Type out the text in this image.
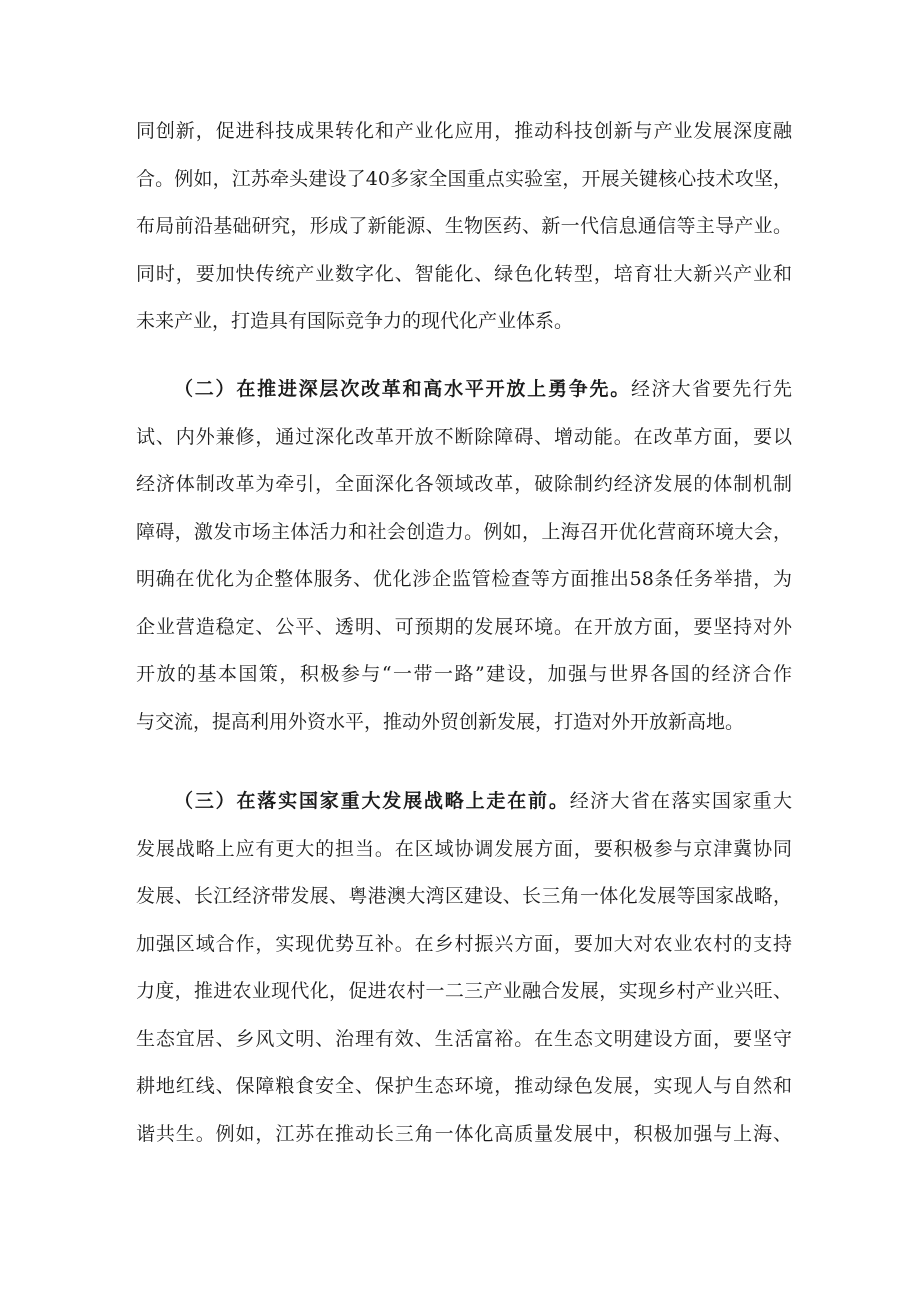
同创新，促进科技成果转化和产业化应用，推动科技创新与产业发展深度融
合。例如，江苏牵头建设了40多家全国重点实验室，开展关键核心技术攻坚，
布局前沿基础研究，形成了新能源、生物医药、新一代信息通信等主导产业。
同时，要加快传统产业数字化、智能化、绿色化转型，培育壮大新兴产业和
未来产业，打造具有国际竞争力的现代化产业体系。
（二）在推进深层次改革和高水平开放上勇争先。经济大省要先行先
试、内外兼修，通过深化改革开放不断除障碍、增动能。在改革方面，要以
经济体制改革为牵引，全面深化各领域改革，破除制约经济发展的体制机制
障碍，激发市场主体活力和社会创造力。例如，上海召开优化营商环境大会，
明确在优化为企整体服务、优化涉企监管检查等方面推出58条任务举措，为
企业营造稳定、公平、透明、可预期的发展环境。在开放方面，要坚持对外
开放的基本国策，积极参与“一带一路”建设，加强与世界各国的经济合作
与交流，提高利用外资水平，推动外贸创新发展，打造对外开放新高地。
（三）在落实国家重大发展战略上走在前。经济大省在落实国家重大
发展战略上应有更大的担当。在区域协调发展方面，要积极参与京津冀协同
发展、长江经济带发展、粤港澳大湾区建设、长三角一体化发展等国家战略，
加强区域合作，实现优势互补。在乡村振兴方面，要加大对农业农村的支持
力度，推进农业现代化，促进农村一二三产业融合发展，实现乡村产业兴旺、
生态宜居、乡风文明、治理有效、生活富裕。在生态文明建设方面，要坚守
耕地红线、保障粮食安全、保护生态环境，推动绿色发展，实现人与自然和
谐共生。例如，江苏在推动长三角一体化高质量发展中，积极加强与上海、
